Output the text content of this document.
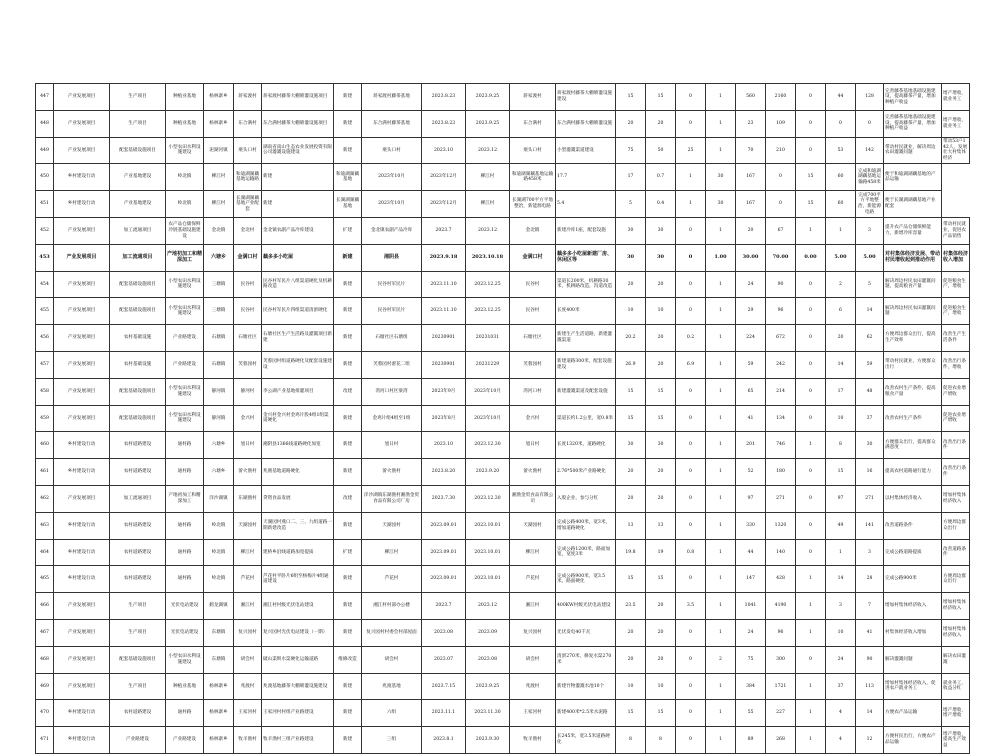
447	产业发展项目	生产项目	种植业基地	杨林寨乡	蒋家渡村	蒋家渡村藤茶大棚喷灌设施项目	新建	蒋家渡村藤茶基地	2023.8.23	2023.9.25	蒋家渡村	蒋家渡村藤茶大棚喷灌设施建设	15	15	0	1	560	2160	0	44	128	完善藤茶基地基础设施建设，提高藤茶产量，增加种植户收益	增产增收，就业务工
448	产业发展项目	生产项目	种植业基地	杨林寨乡	东合满村	东合满村藤茶大棚喷灌设施项目	新建	东合满村藤茶基地	2023.8.23	2023.9.25	东合满村	东合满村藤茶大棚喷灌设施	20	20	0	1	23	109	0	0	0	完善藤茶基地基础设施建设，提高藤茶产量，增加种植户收益	增产增收，就业务工
449	产业发展项目	配套基础设施项目	小型农田水利设施建设	泥湖河镇	栗头口村	湖南省南山生态农业发展投资有限公司灌溉设施建设	新建	栗头口村	2023.10	2023.12	栗头口村	小型灌溉渠道建设	75	50	25	1	70	210	0	53	142	带动村民就业，解决周边农田灌溉问题	带动53户142人，发展壮大村集体经济
450	乡村建设行动	产业基地建设	岭北镇	柳江村	和迪湖湖藕基地运输路	新建	和迪湖湖藕基地	2023年10月	2023年12月	柳江村	和迪湖湖藕基地运输路458米	17.7	17	0.7	1	30	167	0	15	60	完成和迪湖湖藕基地运输路458米	便于和迪湖湖藕基地的产品运输	
451	乡村建设行动	产业基地建设	岭北镇	柳江村	长湖湖湖藕基地产业配套	新建	长湖湖湖藕基地	2023年10月	2023年12月	柳江村	长湖湖700平方平地整治，新能源电路	5.4	5	0.4	1	30	167	0	15	60	完成700平方平地整治，新能源电路	便于长湖湖湖藕基地产业配套	
452	产业发展项目	加工流通项目	农产品仓储保鲜冷链基础设施建设	金北镇	金北村	金北镇农副产品冷库建设	扩建	金北镇农副产品冷库	2023.7	2023.12	金北镇	新建冷库1座，配套设施	30	30	0	1	20	67	1	1	3	提升农产品仓储保鲜能力，新增冷库容量	带动村民就业，促进农产品销售
453	产业发展项目	加工流通项目	产地初加工和精深加工	六塘乡	金满口村	藕多多小吃屋	新建	湘阴县	2023.9.18	2023.10.18	金满口村	藕多多小吃屋新建厂房、休闲区等	30	30	0	1.00	30.00	70.00	0.00	5.00	5.00	对村集体经济发展、带动村民增收起到推动作用	村集体经济收入增加
454	产业发展项目	配套基础设施项目	小型农田水利设施建设	三塘镇	民谷村	民谷村军民片八组渠道硬化及机耕路改造	新建	民谷村军民片	2023.11.10	2023.12.25	民谷村	渠道长200米，机耕路30米，机耕路改造，沟道改造	20	20	0	1	24	90	0	2	5	解决周边村民农田灌溉问题，提高粮食产量	促进粮食生产，增收
455	产业发展项目	配套基础设施项目	小型农田水利设施建设	三塘镇	民谷村	民谷村军民片四组渠道清淤硬化	新建	民谷村军民片	2023.11.10	2023.12.25	民谷村	长度400米	10	10	0	1	29	96	0	6	14	解决周边村民农田灌溉问题	促进粮食生产，增收
456	产业发展项目	农村基础设施	产业路建设	石塘镇	石塘社区	石塘社区生产生活路及灌溉项目新建	新建	石塘社区石塘组	20230901	20231031	石塘社区	新建生产生活道路，新建灌溉渠道	20.2	20	0.2	1	224	672	0	20	62	方便周边群众出行，提高生产效率	改善生产生活条件
457	产业发展项目	农村基础设施	产业路建设	石塘镇	芙蓉园村	芙蓉园村组道路硬化及配套设施建设	新建	芙蓉园村蕾花二组	20230901	20231229	芙蓉园村	新建道路300米，配套设施建设	26.9	20	6.9	1	59	242	0	14	59	带动村民就业，方便群众出行	改善出行条件，增收
458	产业发展项目	配套基础设施项目	小型农田水利设施建设	静河镇	静河村	李公湖产业基地排灌项目	改建	湾河口村区梁湾	2023年9月	2023年10月	湾河口村	新建灌溉渠道及配套设施	15	15	0	1	65	214	0	17	48	改善农村生产条件，提高粮食产量	促进农业增产增收
459	产业发展项目	配套基础设施项目	小型农田水利设施建设	静河镇	金兴村	金兴村金兴村金鸡片股4组1组渠道硬化	新建	金鸡片组4组至1组	2023年8月	2023年10月	金兴村	渠道长约1.2公里，宽0.8米	15	15	0	1	41	134	0	10	37	改善农村生产条件	促进农业增产增收
460	乡村建设行动	农村道路建设	通村路	六塘乡	旭日村	湘阴县1366线道路硬化加宽	新建	旭日村	2023.10	2023.12.30	旭日村	长度1320米，道路硬化	30	30	0	1	201	746	1	8	30	方便群众出行，提高群众满意度	改善出行条件
461	乡村建设行动	农村道路建设	通村路	六塘乡	蕾火渔村	兆渔基地道路硬化	新建	蕾火渔村	2023.8.20	2023.9.20	蕾火渔村	2.76*500米产业路硬化	20	20	0	1	52	180	0	15	16	提高农村道路通行能力	改善出行条件
462	产业发展项目	加工流通项目	产地初加工和精深加工	洋沙湖镇	东湖渔村	贷资食品发展	改建	洋沙湖镇东湖渔村湘渔金贸食品有限公司厂房	2023.7.30	2023.12.30	湘渔金贸食品有限公司	入股企业，参与分红	20	20	0	1	97	271	0	97	271	以村集体经济收入	增加村集体经济收入
463	乡村建设行动	农村道路建设	通村路	岭北镇	天湖园村	天湖园村燕口二、三、九组道路一期新建改造	新建	天湖园村	2023.09.01	2023.10.01	天湖园村	完成公路400米，宽3米，增加道路硬化	13	13	0	1	330	1320	0	49	141	改善道路条件	方便周边群众出行
464	乡村建设行动	农村道路建设	通村路	岭北镇	柳江村	建桥乡沿线道路加宽提质	扩建	柳江村	2023.09.01	2023.10.01	柳江村	完成公路1200米，路面加宽，宽度3米	19.8	19	0.8	1	44	140	0	1	3	完成公路道路提质	改善道路条件
465	乡村建设行动	农村道路建设	通村路	岭北镇	芦花村	芦花村平卧片6组至杨梅片4组通道建设	新建	芦花村	2023.09.01	2023.10.01	芦花村	完成公路900米，宽3.5米，路面硬化	15	15	0	1	147	428	1	14	28	完成公路900米	方便周边群众出行
466	产业发展项目	生产项目	光伏电站建设	鹤龙湖镇	湘江村	湘江村村级光伏电站建设	新建	湘江村村部办公楼	2023.7	2023.12	湘江村	400KW村级光伏电站建设	23.5	20	3.5	1	1041	4190	1	3	7	增加村集体经济收入	增加村集体经济收入
467	产业发展项目	生产项目	光伏电站建设	东塘镇	复兴园村	复兴园村光伏电站建设（一期）	新建	复兴园村村委会村部屋面	2023.08	2023.09	复兴园村	光伏发电40千瓦	20	20	0	1	24	96	1	10	41	村集体经济收入增加	增加村集体经济收入
468	产业发展项目	配套基础设施项目	小型农田水利设施建设	东塘镇	胡会村	破山渠圳水渠硬化运输道路	维修改造	胡会村	2023.07	2023.08	胡会村	清淤270米，修复水渠270米	20	20	0	2	75	300	0	24	90	解决灌溉问题	解决农田灌溉
469	产业发展项目	生产项目	种植业基地	杨林寨乡	兆渡村	兆渡基地藤茶大棚喷灌设施建设	新建	兆渡基地	2023.7.15	2023.9.25	兆渡村	新建竹物灌溉水池10个	10	10	0	1	384	1721	1	37	113	增加村集体经济收入，促进农户就业务工	就业务工，收益分红
470	乡村建设行动	农村道路建设	通村路	杨林寨乡	王家河村	王家河村村组产业路建设	新建	六组	2023.11.1	2023.11.30	王家河村	新建400米*2.5米水泥路	15	15	0	1	55	227	1	4	14	方便农产品运输	增产增收，增产增收
471	乡村建设行动	产业路建设	产业路建设	杨林寨乡	牧羊渔村	牧羊渔村三组产业路建设	新建	三组	2023.8.1	2023.9.30	牧羊渔村	长245米，宽3.5米道路硬化	8	8	0	1	89	268	1	4	12	方便村民出行，方便农产品运输	增产增收，提高生产效益
